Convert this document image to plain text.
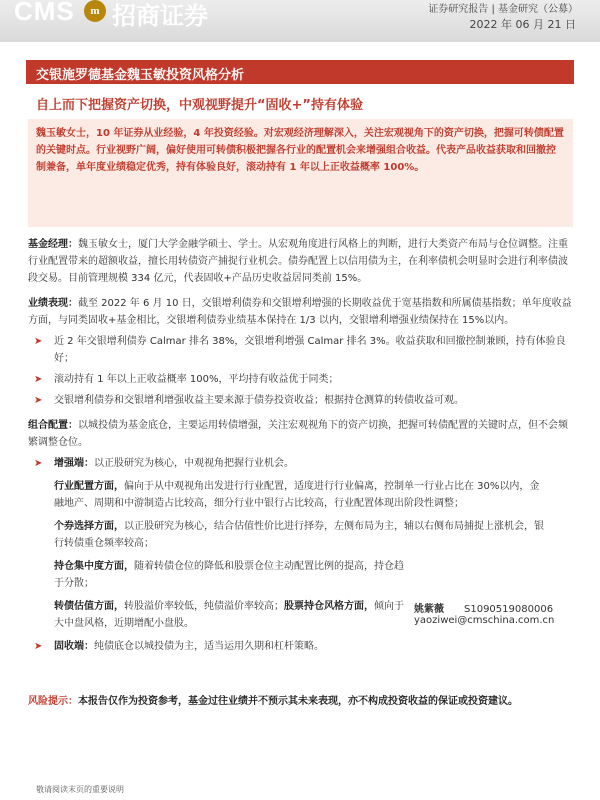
CMS	m 招商证券	证券研究报告 | 基金研究（公募）
2022 年 06 月 21 日
交银施罗德基金魏玉敏投资风格分析
自上而下把握资产切换，中观视野提升“固收+”持有体验

魏玉敏女士，10 年证券从业经验，4 年投资经验。对宏观经济理解深入，关注宏观视角下的资产切换，把握可转债配置的关键时点。行业视野广阔，偏好使用可转债积极把握各行业的配置机会来增强组合收益。代表产品收益获取和回撤控制兼备，单年度业绩稳定优秀，持有体验良好，滚动持有 1 年以上正收益概率 100%。

基金经理：魏玉敏女士，厦门大学金融学硕士、学士。从宏观角度进行风格上的判断，进行大类资产布局与仓位调整。注重行业配置带来的超额收益，擅长用转债资产捕捉行业机会。债券配置上以信用债为主，在利率债机会明显时会进行利率债波段交易。目前管理规模 334 亿元，代表固收+产品历史收益居同类前 15%。

业绩表现：截至 2022 年 6 月 10 日，交银增利债券和交银增利增强的长期收益优于宽基指数和所属债基指数；单年度收益方面，与同类固收+基金相比，交银增利债券业绩基本保持在 1/3 以内，交银增利增强业绩保持在 15%以内。

➤ 近 2 年交银增利债券 Calmar 排名 38%，交银增利增强 Calmar 排名 3%。收益获取和回撤控制兼顾，持有体验良好；
➤ 滚动持有 1 年以上正收益概率 100%，平均持有收益优于同类；
➤ 交银增利债券和交银增利增强收益主要来源于债券投资收益；根据持仓测算的转债收益可观。

组合配置：以城投债为基金底仓，主要运用转债增强，关注宏观视角下的资产切换，把握可转债配置的关键时点，但不会频繁调整仓位。

➤ 增强端：以正股研究为核心，中观视角把握行业机会。
行业配置方面，偏向于从中观视角出发进行行业配置，适度进行行业偏离，控制单一行业占比在 30%以内，金融地产、周期和中游制造占比较高，细分行业中银行占比较高，行业配置体现出阶段性调整；
个券选择方面，以正股研究为核心，结合估值性价比进行择券，左侧布局为主，辅以右侧布局捕捉上涨机会，银行转债重仓频率较高；
持仓集中度方面，随着转债仓位的降低和股票仓位主动配置比例的提高，持仓趋于分散；
转债估值方面，转股溢价率较低，纯债溢价率较高；股票持仓风格方面，倾向于大中盘风格，近期增配小盘股。
➤ 固收端：纯债底仓以城投债为主，适当运用久期和杠杆策略。
姚紫薇 S1090519080006
yaoziwei@cmschina.com.cn
风险提示：本报告仅作为投资参考，基金过往业绩并不预示其未来表现，亦不构成投资收益的保证或投资建议。
敬请阅读末页的重要说明
